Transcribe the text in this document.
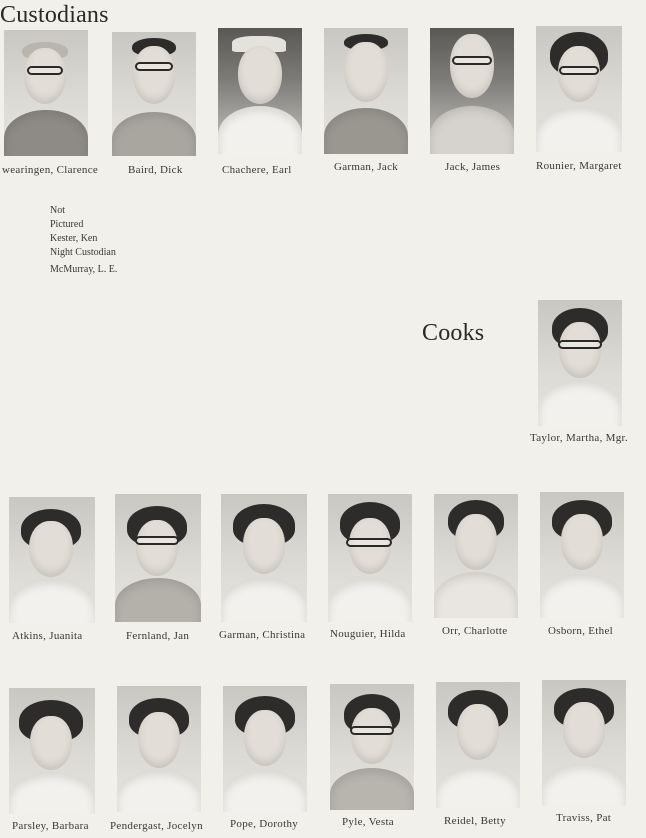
Custodians
wearingen, Clarence	Baird, Dick	Chachere, Earl	Garman, Jack	Jack, James	Rounier, Margaret
Not
Pictured
Kester, Ken
Night Custodian
McMurray, L. E.
Cooks
Taylor, Martha, Mgr.
Atkins, Juanita	Fernland, Jan	Garman, Christina Nouguier, Hilda	Orr, Charlotte	Osborn, Ethel
Parsley, Barbara Pendergast, Jocelyn Pope, Dorothy	Pyle, Vesta	Reidel, Betty	Traviss, Pat
